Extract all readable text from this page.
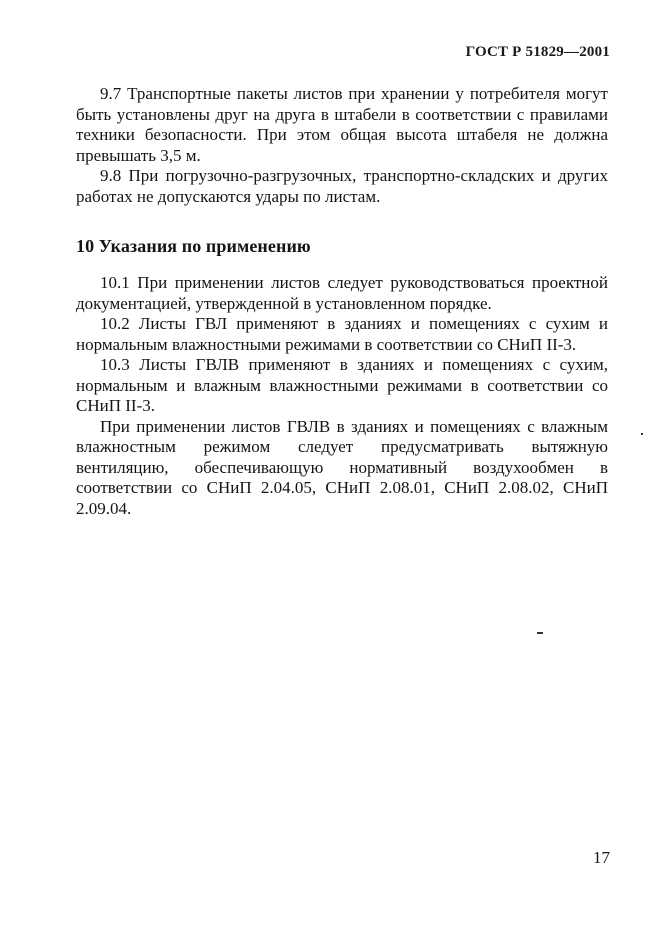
ГОСТ Р 51829—2001

9.7 Транспортные пакеты листов при хранении у потребителя могут быть установлены друг на друга в штабели в соответствии с правилами техники безопасности. При этом общая высота штабеля не должна превышать 3,5 м.

9.8 При погрузочно-разгрузочных, транспортно-складских и других работах не допускаются удары по листам.

10 Указания по применению

10.1 При применении листов следует руководствоваться проектной документацией, утвержденной в установленном порядке.

10.2 Листы ГВЛ применяют в зданиях и помещениях с сухим и нормальным влажностными режимами в соответствии со СНиП II-3.

10.3 Листы ГВЛВ применяют в зданиях и помещениях с сухим, нормальным и влажным влажностными режимами в соответствии со СНиП II-3.

При применении листов ГВЛВ в зданиях и помещениях с влажным влажностным режимом следует предусматривать вытяжную вентиляцию, обеспечивающую нормативный воздухообмен в соответствии со СНиП 2.04.05, СНиП 2.08.01, СНиП 2.08.02, СНиП 2.09.04.

17
